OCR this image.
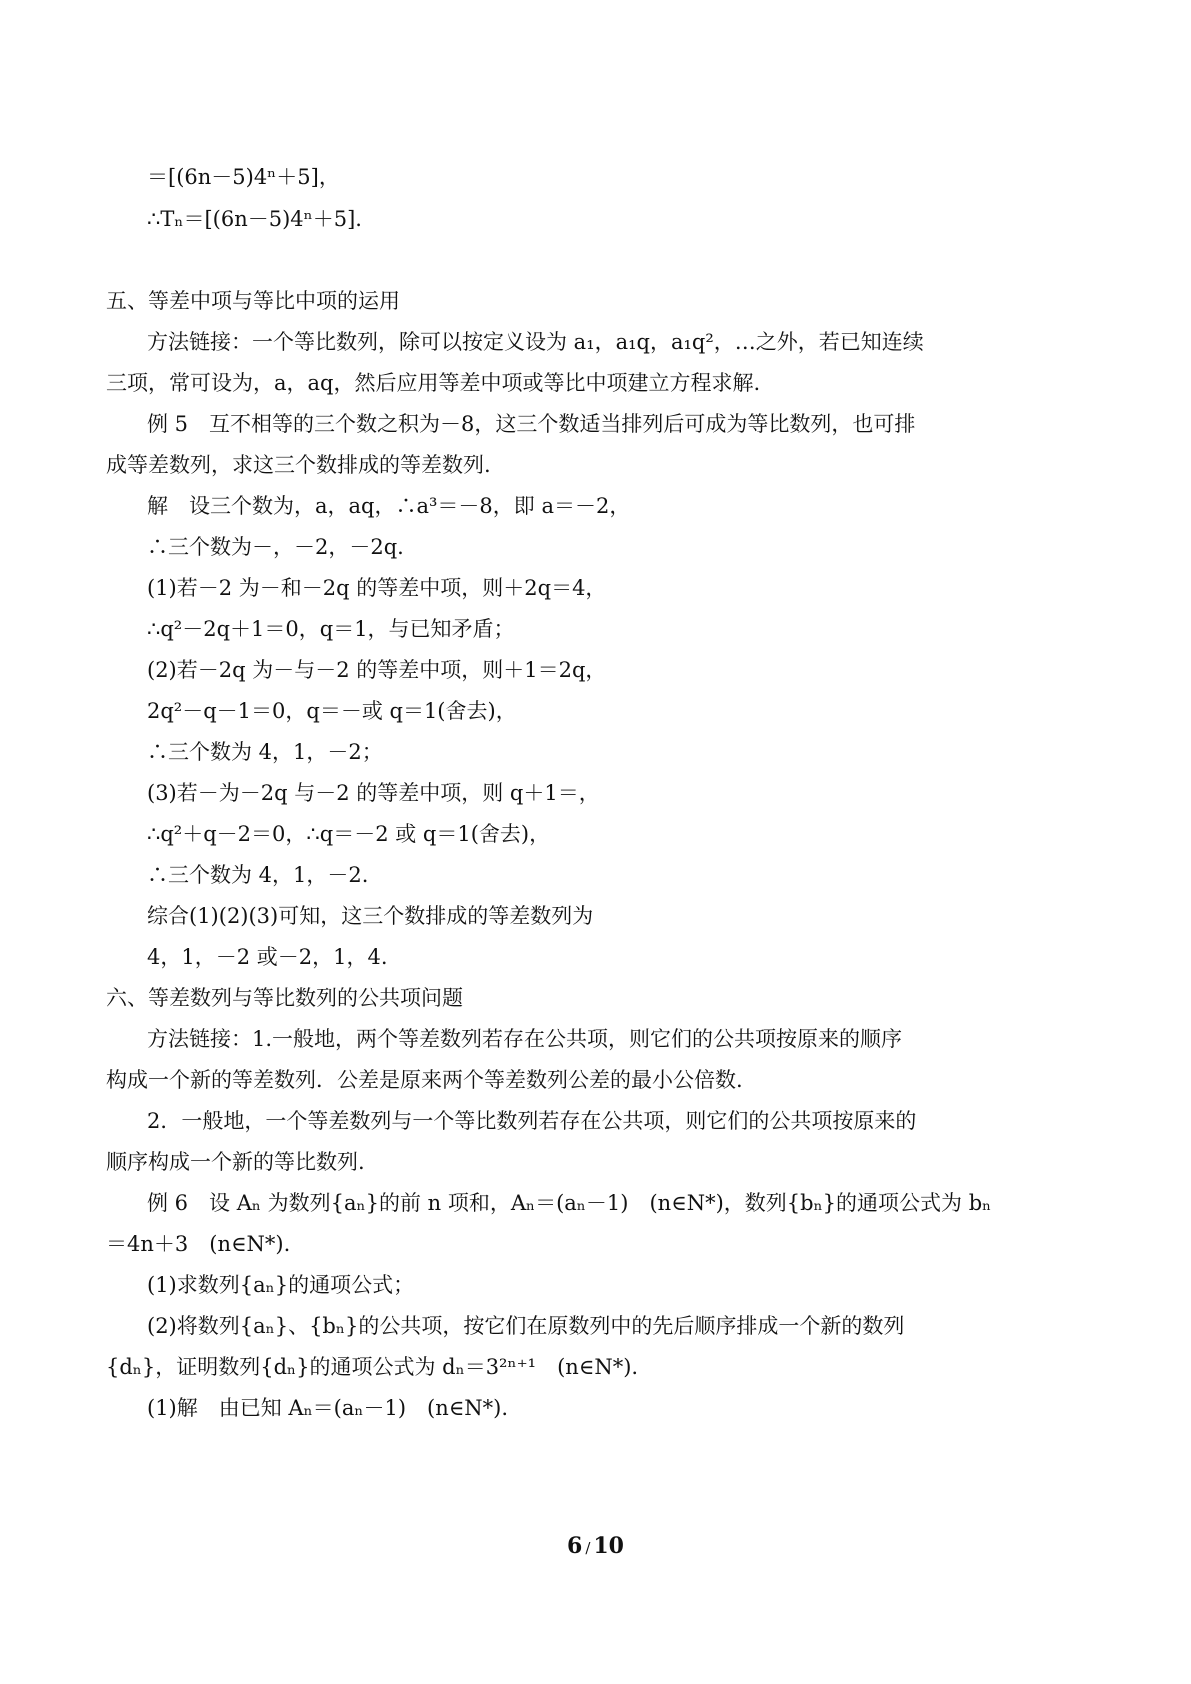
＝[(6n－5)4ⁿ＋5]，
∴Tₙ＝[(6n－5)4ⁿ＋5].
五、等差中项与等比中项的运用
方法链接：一个等比数列，除可以按定义设为 a₁，a₁q，a₁q²，…之外，若已知连续
三项，常可设为，a，aq，然后应用等差中项或等比中项建立方程求解.
例 5　互不相等的三个数之积为－8，这三个数适当排列后可成为等比数列，也可排
成等差数列，求这三个数排成的等差数列.
解　设三个数为，a，aq，∴a³＝－8，即 a＝－2，
∴三个数为－，－2，－2q.
(1)若－2 为－和－2q 的等差中项，则＋2q＝4，
∴q²－2q＋1＝0，q＝1，与已知矛盾；
(2)若－2q 为－与－2 的等差中项，则＋1＝2q，
2q²－q－1＝0，q＝－或 q＝1(舍去)，
∴三个数为 4，1，－2；
(3)若－为－2q 与－2 的等差中项，则 q＋1＝，
∴q²＋q－2＝0，∴q＝－2 或 q＝1(舍去)，
∴三个数为 4，1，－2.
综合(1)(2)(3)可知，这三个数排成的等差数列为
4，1，－2 或－2，1，4.
六、等差数列与等比数列的公共项问题
方法链接：1.一般地，两个等差数列若存在公共项，则它们的公共项按原来的顺序
构成一个新的等差数列．公差是原来两个等差数列公差的最小公倍数.
2．一般地，一个等差数列与一个等比数列若存在公共项，则它们的公共项按原来的
顺序构成一个新的等比数列.
例 6　设 Aₙ 为数列{aₙ}的前 n 项和，Aₙ＝(aₙ－1)　(n∈N*)，数列{bₙ}的通项公式为 bₙ
＝4n＋3　(n∈N*).
(1)求数列{aₙ}的通项公式；
(2)将数列{aₙ}、{bₙ}的公共项，按它们在原数列中的先后顺序排成一个新的数列
{dₙ}，证明数列{dₙ}的通项公式为 dₙ＝3²ⁿ⁺¹　(n∈N*).
(1)解　由已知 Aₙ＝(aₙ－1)　(n∈N*).
6 / 10
